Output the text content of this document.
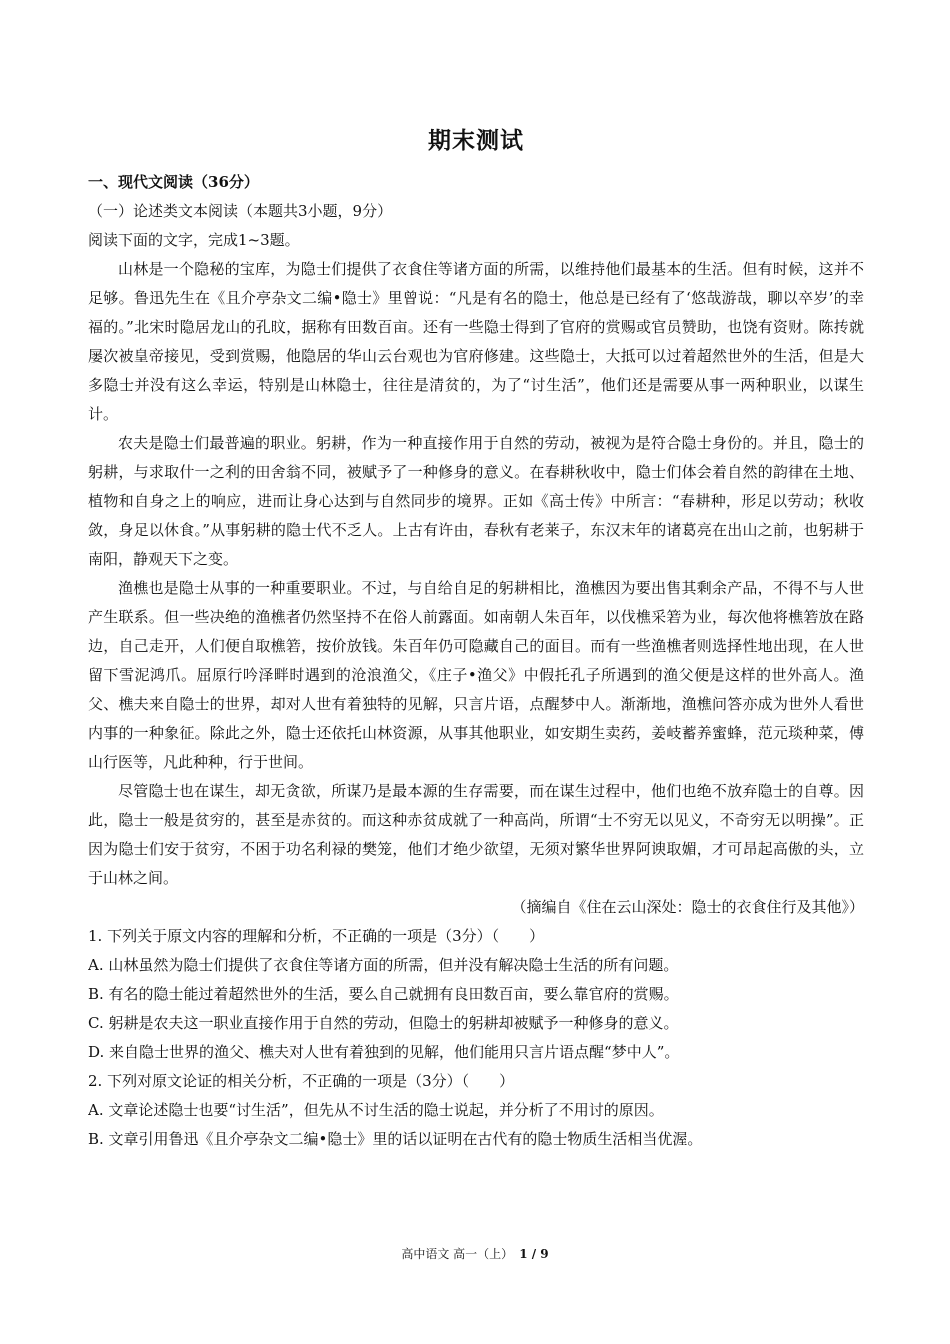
期末测试
一、现代文阅读（36分）
（一）论述类文本阅读（本题共3小题，9分）
阅读下面的文字，完成1~3题。

山林是一个隐秘的宝库，为隐士们提供了衣食住等诸方面的所需，以维持他们最基本的生活。但有时候，这并不足够。鲁迅先生在《且介亭杂文二编•隐士》里曾说：“凡是有名的隐士，他总是已经有了‘悠哉游哉，聊以卒岁’的幸福的。”北宋时隐居龙山的孔旼，据称有田数百亩。还有一些隐士得到了官府的赏赐或官员赞助，也饶有资财。陈抟就屡次被皇帝接见，受到赏赐，他隐居的华山云台观也为官府修建。这些隐士，大抵可以过着超然世外的生活，但是大多隐士并没有这么幸运，特别是山林隐士，往往是清贫的，为了“讨生活”，他们还是需要从事一两种职业，以谋生计。

农夫是隐士们最普遍的职业。躬耕，作为一种直接作用于自然的劳动，被视为是符合隐士身份的。并且，隐士的躬耕，与求取什一之利的田舍翁不同，被赋予了一种修身的意义。在春耕秋收中，隐士们体会着自然的韵律在土地、植物和自身之上的响应，进而让身心达到与自然同步的境界。正如《高士传》中所言：“春耕种，形足以劳动；秋收敛，身足以休食。”从事躬耕的隐士代不乏人。上古有许由，春秋有老莱子，东汉末年的诸葛亮在出山之前，也躬耕于南阳，静观天下之变。

渔樵也是隐士从事的一种重要职业。不过，与自给自足的躬耕相比，渔樵因为要出售其剩余产品，不得不与人世产生联系。但一些决绝的渔樵者仍然坚持不在俗人前露面。如南朝人朱百年，以伐樵采箬为业，每次他将樵箬放在路边，自己走开，人们便自取樵箬，按价放钱。朱百年仍可隐藏自己的面目。而有一些渔樵者则选择性地出现，在人世留下雪泥鸿爪。屈原行吟泽畔时遇到的沧浪渔父，《庄子•渔父》中假托孔子所遇到的渔父便是这样的世外高人。渔父、樵夫来自隐士的世界，却对人世有着独特的见解，只言片语，点醒梦中人。渐渐地，渔樵问答亦成为世外人看世内事的一种象征。除此之外，隐士还依托山林资源，从事其他职业，如安期生卖药，姜岐蓄养蜜蜂，范元琰种菜，傅山行医等，凡此种种，行于世间。

尽管隐士也在谋生，却无贪欲，所谋乃是最本源的生存需要，而在谋生过程中，他们也绝不放弃隐士的自尊。因此，隐士一般是贫穷的，甚至是赤贫的。而这种赤贫成就了一种高尚，所谓“士不穷无以见义，不奇穷无以明操”。正因为隐士们安于贫穷，不困于功名利禄的樊笼，他们才绝少欲望，无须对繁华世界阿谀取媚，才可昂起高傲的头，立于山林之间。

（摘编自《住在云山深处：隐士的衣食住行及其他》）
1. 下列关于原文内容的理解和分析，不正确的一项是（3分）（　　）
A. 山林虽然为隐士们提供了衣食住等诸方面的所需，但并没有解决隐士生活的所有问题。
B. 有名的隐士能过着超然世外的生活，要么自己就拥有良田数百亩，要么靠官府的赏赐。
C. 躬耕是农夫这一职业直接作用于自然的劳动，但隐士的躬耕却被赋予一种修身的意义。
D. 来自隐士世界的渔父、樵夫对人世有着独到的见解，他们能用只言片语点醒“梦中人”。
2. 下列对原文论证的相关分析，不正确的一项是（3分）（　　）
A. 文章论述隐士也要“讨生活”，但先从不讨生活的隐士说起，并分析了不用讨的原因。
B. 文章引用鲁迅《且介亭杂文二编•隐士》里的话以证明在古代有的隐士物质生活相当优渥。
高中语文 高一（上） 1 / 9
